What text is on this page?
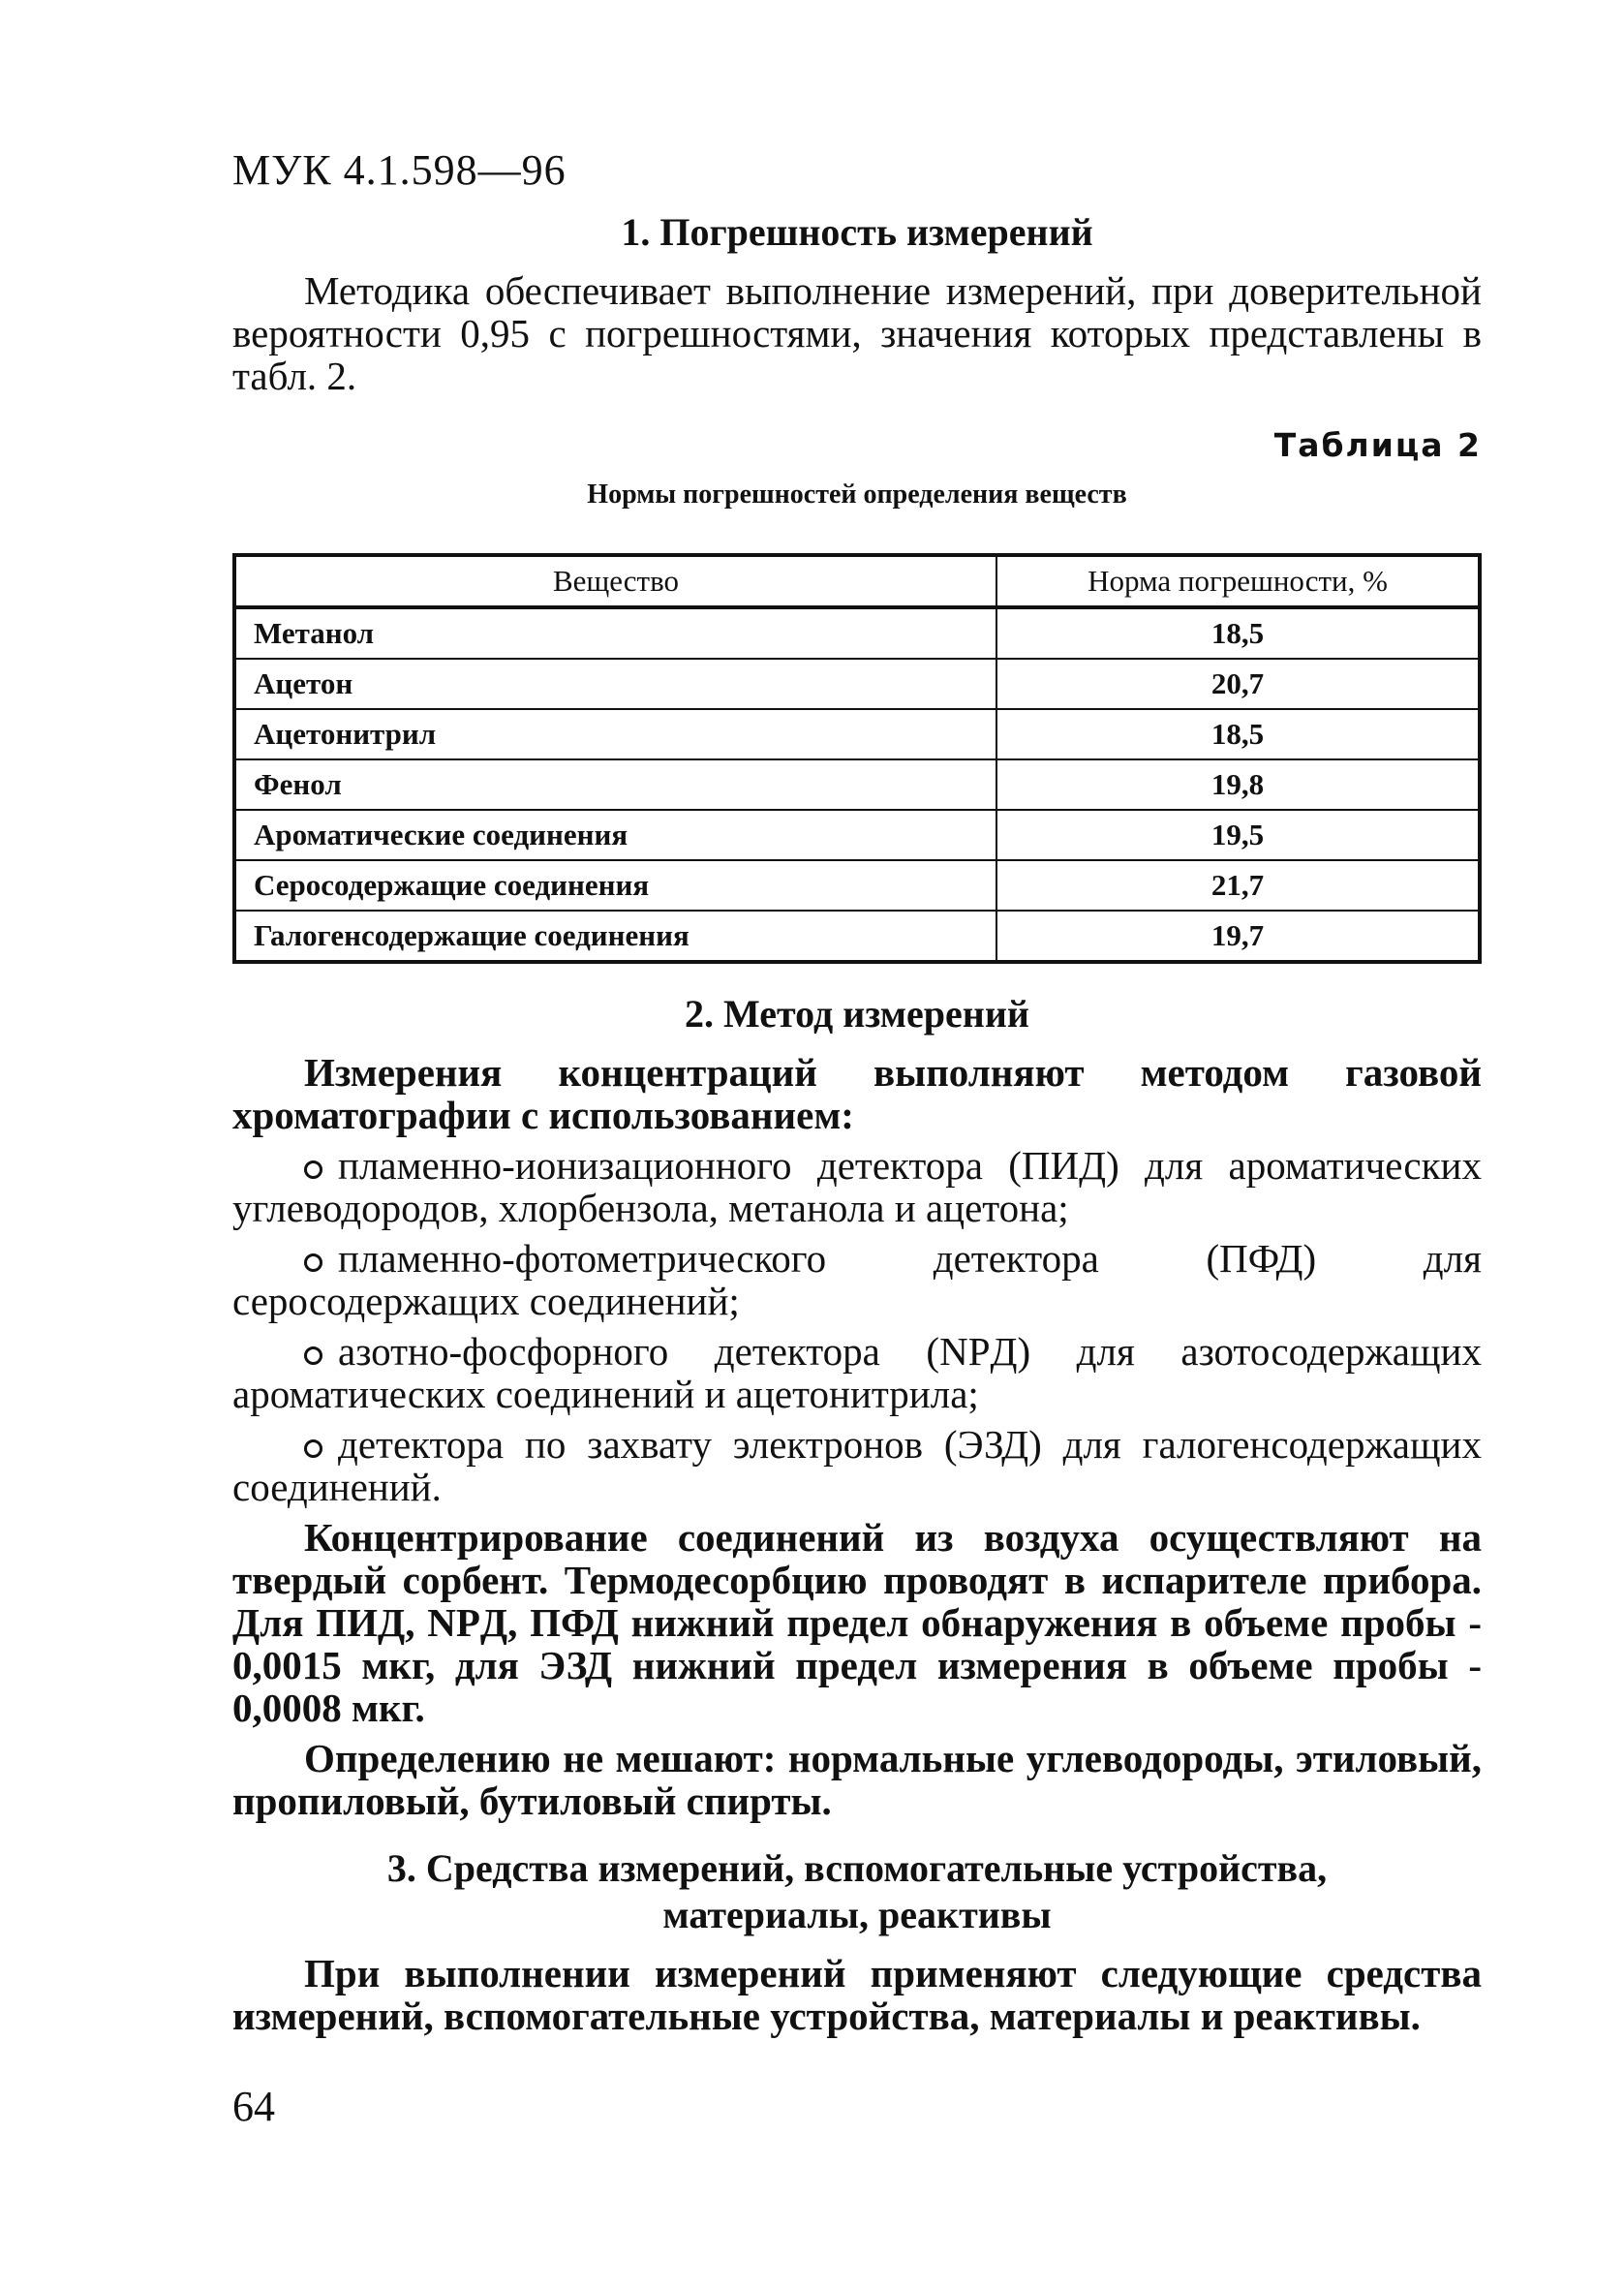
МУК 4.1.598—96
1. Погрешность измерений

Методика обеспечивает выполнение измерений, при доверительной вероятности 0,95 с погрешностями, значения которых представлены в табл. 2.

Таблица 2
Нормы погрешностей определения веществ
Вещество	Норма погрешности, %
Метанол	18,5
Ацетон	20,7
Ацетонитрил	18,5
Фенол	19,8
Ароматические соединения	19,5
Серосодержащие соединения	21,7
Галогенсодержащие соединения	19,7
2. Метод измерений

Измерения концентраций выполняют методом газовой хроматографии с использованием:

пламенно-ионизационного детектора (ПИД) для ароматических углеводородов, хлорбензола, метанола и ацетона;
пламенно-фотометрического детектора (ПФД) для серосодержащих соединений;
азотно-фосфорного детектора (NPД) для азотосодержащих ароматических соединений и ацетонитрила;
детектора по захвату электронов (ЭЗД) для галогенсодержащих соединений.

Концентрирование соединений из воздуха осуществляют на твердый сорбент. Термодесорбцию проводят в испарителе прибора. Для ПИД, NPД, ПФД нижний предел обнаружения в объеме пробы - 0,0015 мкг, для ЭЗД нижний предел измерения в объеме пробы - 0,0008 мкг.

Определению не мешают: нормальные углеводороды, этиловый, пропиловый, бутиловый спирты.

3. Средства измерений, вспомогательные устройства,
материалы, реактивы

При выполнении измерений применяют следующие средства измерений, вспомогательные устройства, материалы и реактивы.

64
